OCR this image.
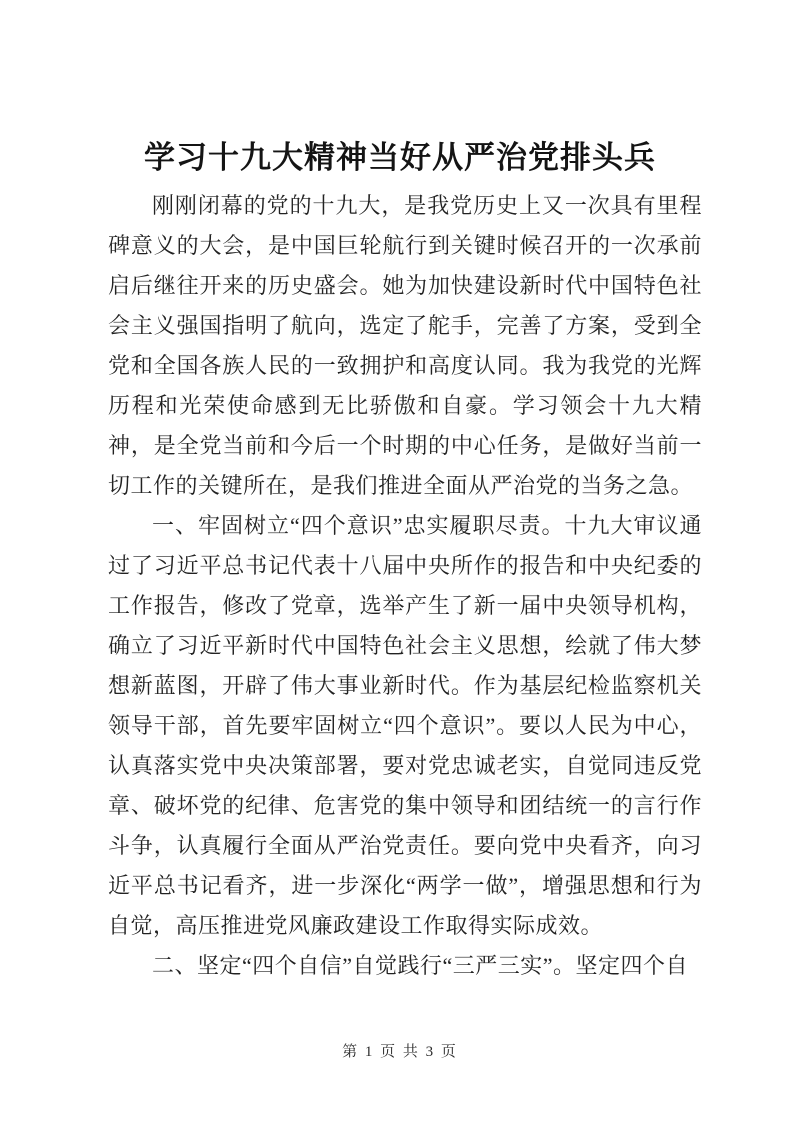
学习十九大精神当好从严治党排头兵

刚刚闭幕的党的十九大，是我党历史上又一次具有里程碑意义的大会，是中国巨轮航行到关键时候召开的一次承前启后继往开来的历史盛会。她为加快建设新时代中国特色社会主义强国指明了航向，选定了舵手，完善了方案，受到全党和全国各族人民的一致拥护和高度认同。我为我党的光辉历程和光荣使命感到无比骄傲和自豪。学习领会十九大精神，是全党当前和今后一个时期的中心任务，是做好当前一切工作的关键所在，是我们推进全面从严治党的当务之急。

一、牢固树立“四个意识”忠实履职尽责。十九大审议通过了习近平总书记代表十八届中央所作的报告和中央纪委的工作报告，修改了党章，选举产生了新一届中央领导机构，确立了习近平新时代中国特色社会主义思想，绘就了伟大梦想新蓝图，开辟了伟大事业新时代。作为基层纪检监察机关领导干部，首先要牢固树立“四个意识”。要以人民为中心，认真落实党中央决策部署，要对党忠诚老实，自觉同违反党章、破坏党的纪律、危害党的集中领导和团结统一的言行作斗争，认真履行全面从严治党责任。要向党中央看齐，向习近平总书记看齐，进一步深化“两学一做”，增强思想和行为自觉，高压推进党风廉政建设工作取得实际成效。

二、坚定“四个自信”自觉践行“三严三实”。坚定四个自

第 1 页 共 3 页
